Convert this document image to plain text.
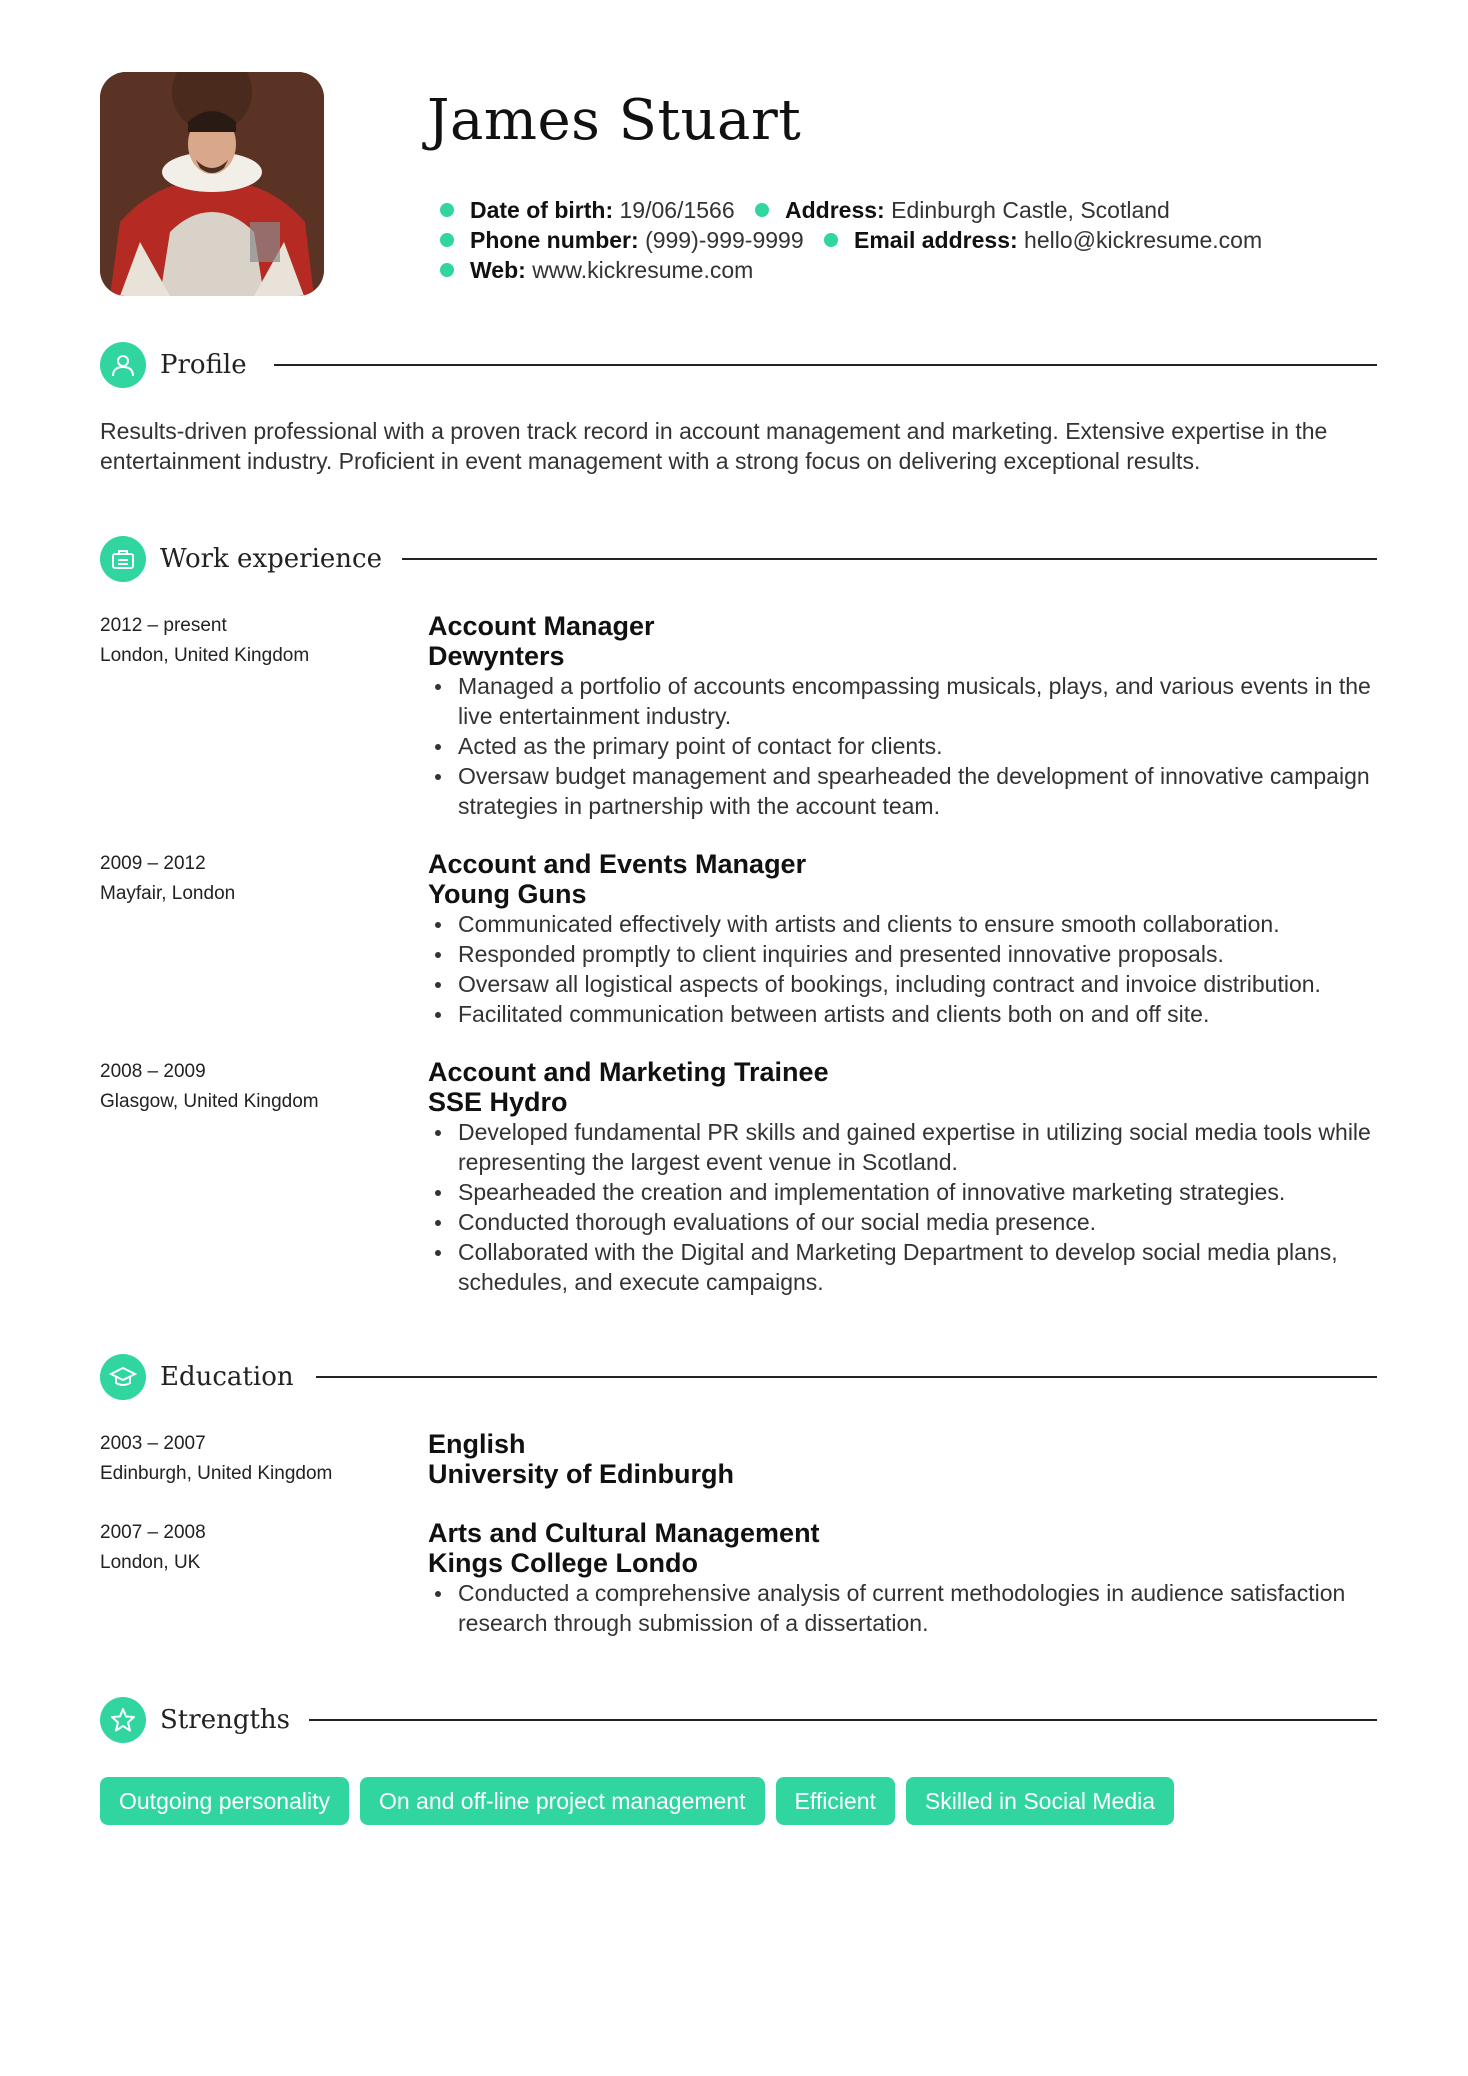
James Stuart
Date of birth: 19/06/1566 Address: Edinburgh Castle, Scotland
Phone number: (999)-999-9999 Email address: hello@kickresume.com
Web: www.kickresume.com
Profile

Results-driven professional with a proven track record in account management and marketing. Extensive expertise in the entertainment industry. Proficient in event management with a strong focus on delivering exceptional results.

Work experience
2012 – present
London, United Kingdom
Account Manager
Dewynters
Managed a portfolio of accounts encompassing musicals, plays, and various events in the live entertainment industry.
Acted as the primary point of contact for clients.
Oversaw budget management and spearheaded the development of innovative campaign strategies in partnership with the account team.
2009 – 2012
Mayfair, London
Account and Events Manager
Young Guns
Communicated effectively with artists and clients to ensure smooth collaboration.
Responded promptly to client inquiries and presented innovative proposals.
Oversaw all logistical aspects of bookings, including contract and invoice distribution.
Facilitated communication between artists and clients both on and off site.
2008 – 2009
Glasgow, United Kingdom
Account and Marketing Trainee
SSE Hydro
Developed fundamental PR skills and gained expertise in utilizing social media tools while representing the largest event venue in Scotland.
Spearheaded the creation and implementation of innovative marketing strategies.
Conducted thorough evaluations of our social media presence.
Collaborated with the Digital and Marketing Department to develop social media plans, schedules, and execute campaigns.
Education
2003 – 2007
Edinburgh, United Kingdom
English
University of Edinburgh
2007 – 2008
London, UK
Arts and Cultural Management
Kings College Londo
Conducted a comprehensive analysis of current methodologies in audience satisfaction research through submission of a dissertation.
Strengths
Outgoing personality	On and off-line project management	Efficient	Skilled in Social Media
